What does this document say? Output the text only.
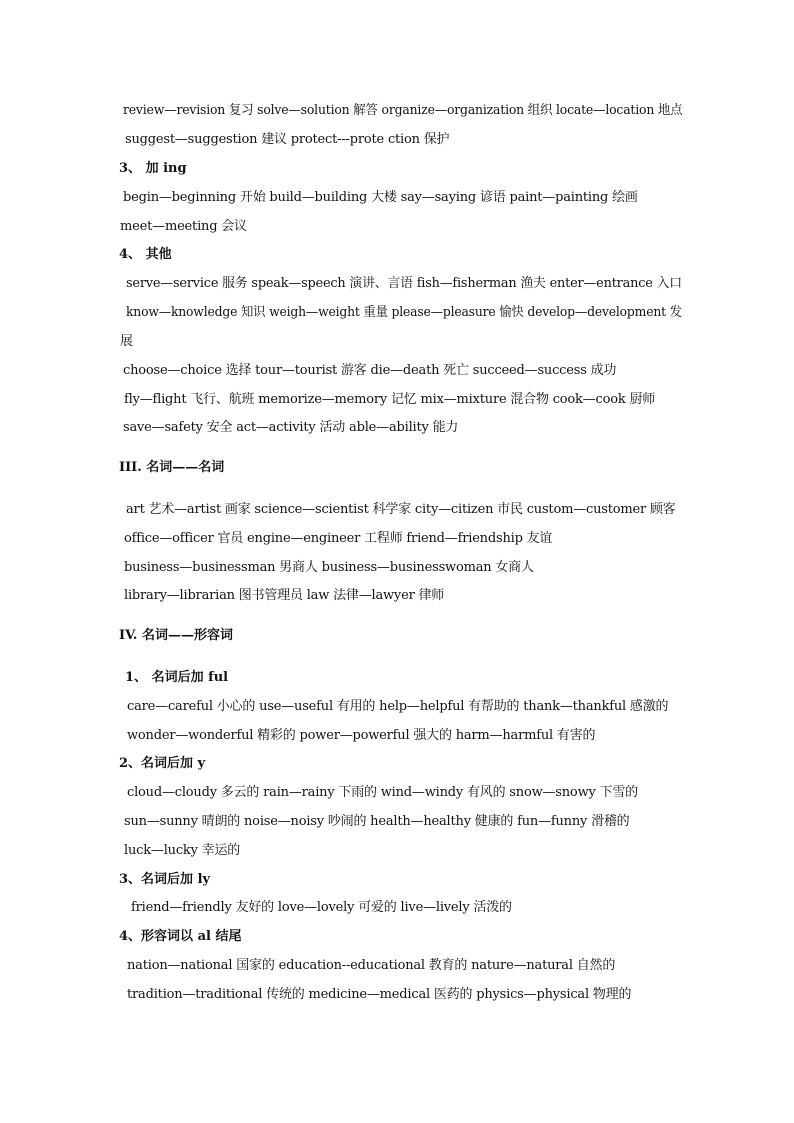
review—revision 复习 solve—solution 解答 organize—organization 组织 locate—location 地点
suggest—suggestion 建议 protect---prote ction 保护
3、 加 ing
begin—beginning 开始 build—building 大楼 say—saying 谚语 paint—painting 绘画
meet—meeting 会议
4、 其他
serve—service 服务 speak—speech 演讲、言语 fish—fisherman 渔夫 enter—entrance 入口
know—knowledge 知识 weigh—weight 重量 please—pleasure 愉快 develop—development 发
展
choose—choice 选择 tour—tourist 游客 die—death 死亡 succeed—success 成功
fly—flight 飞行、航班 memorize—memory 记忆 mix—mixture 混合物 cook—cook 厨师
save—safety 安全 act—activity 活动 able—ability 能力
III. 名词——名词
art 艺术—artist 画家 science—scientist 科学家 city—citizen 市民 custom—customer 顾客
office—officer 官员 engine—engineer 工程师 friend—friendship 友谊
business—businessman 男商人 business—businesswoman 女商人
library—librarian 图书管理员 law 法律—lawyer 律师
IV. 名词——形容词
1、 名词后加 ful
care—careful 小心的 use—useful 有用的 help—helpful 有帮助的 thank—thankful 感激的
wonder—wonderful 精彩的 power—powerful 强大的 harm—harmful 有害的
2、名词后加 y
cloud—cloudy 多云的 rain—rainy 下雨的 wind—windy 有风的 snow—snowy 下雪的
sun—sunny 晴朗的 noise—noisy 吵闹的 health—healthy 健康的 fun—funny 滑稽的
luck—lucky 幸运的
3、名词后加 ly
friend—friendly 友好的 love—lovely 可爱的 live—lively 活泼的
4、形容词以 al 结尾
nation—national 国家的 education--educational 教育的 nature—natural 自然的
tradition—traditional 传统的 medicine—medical 医药的 physics—physical 物理的
